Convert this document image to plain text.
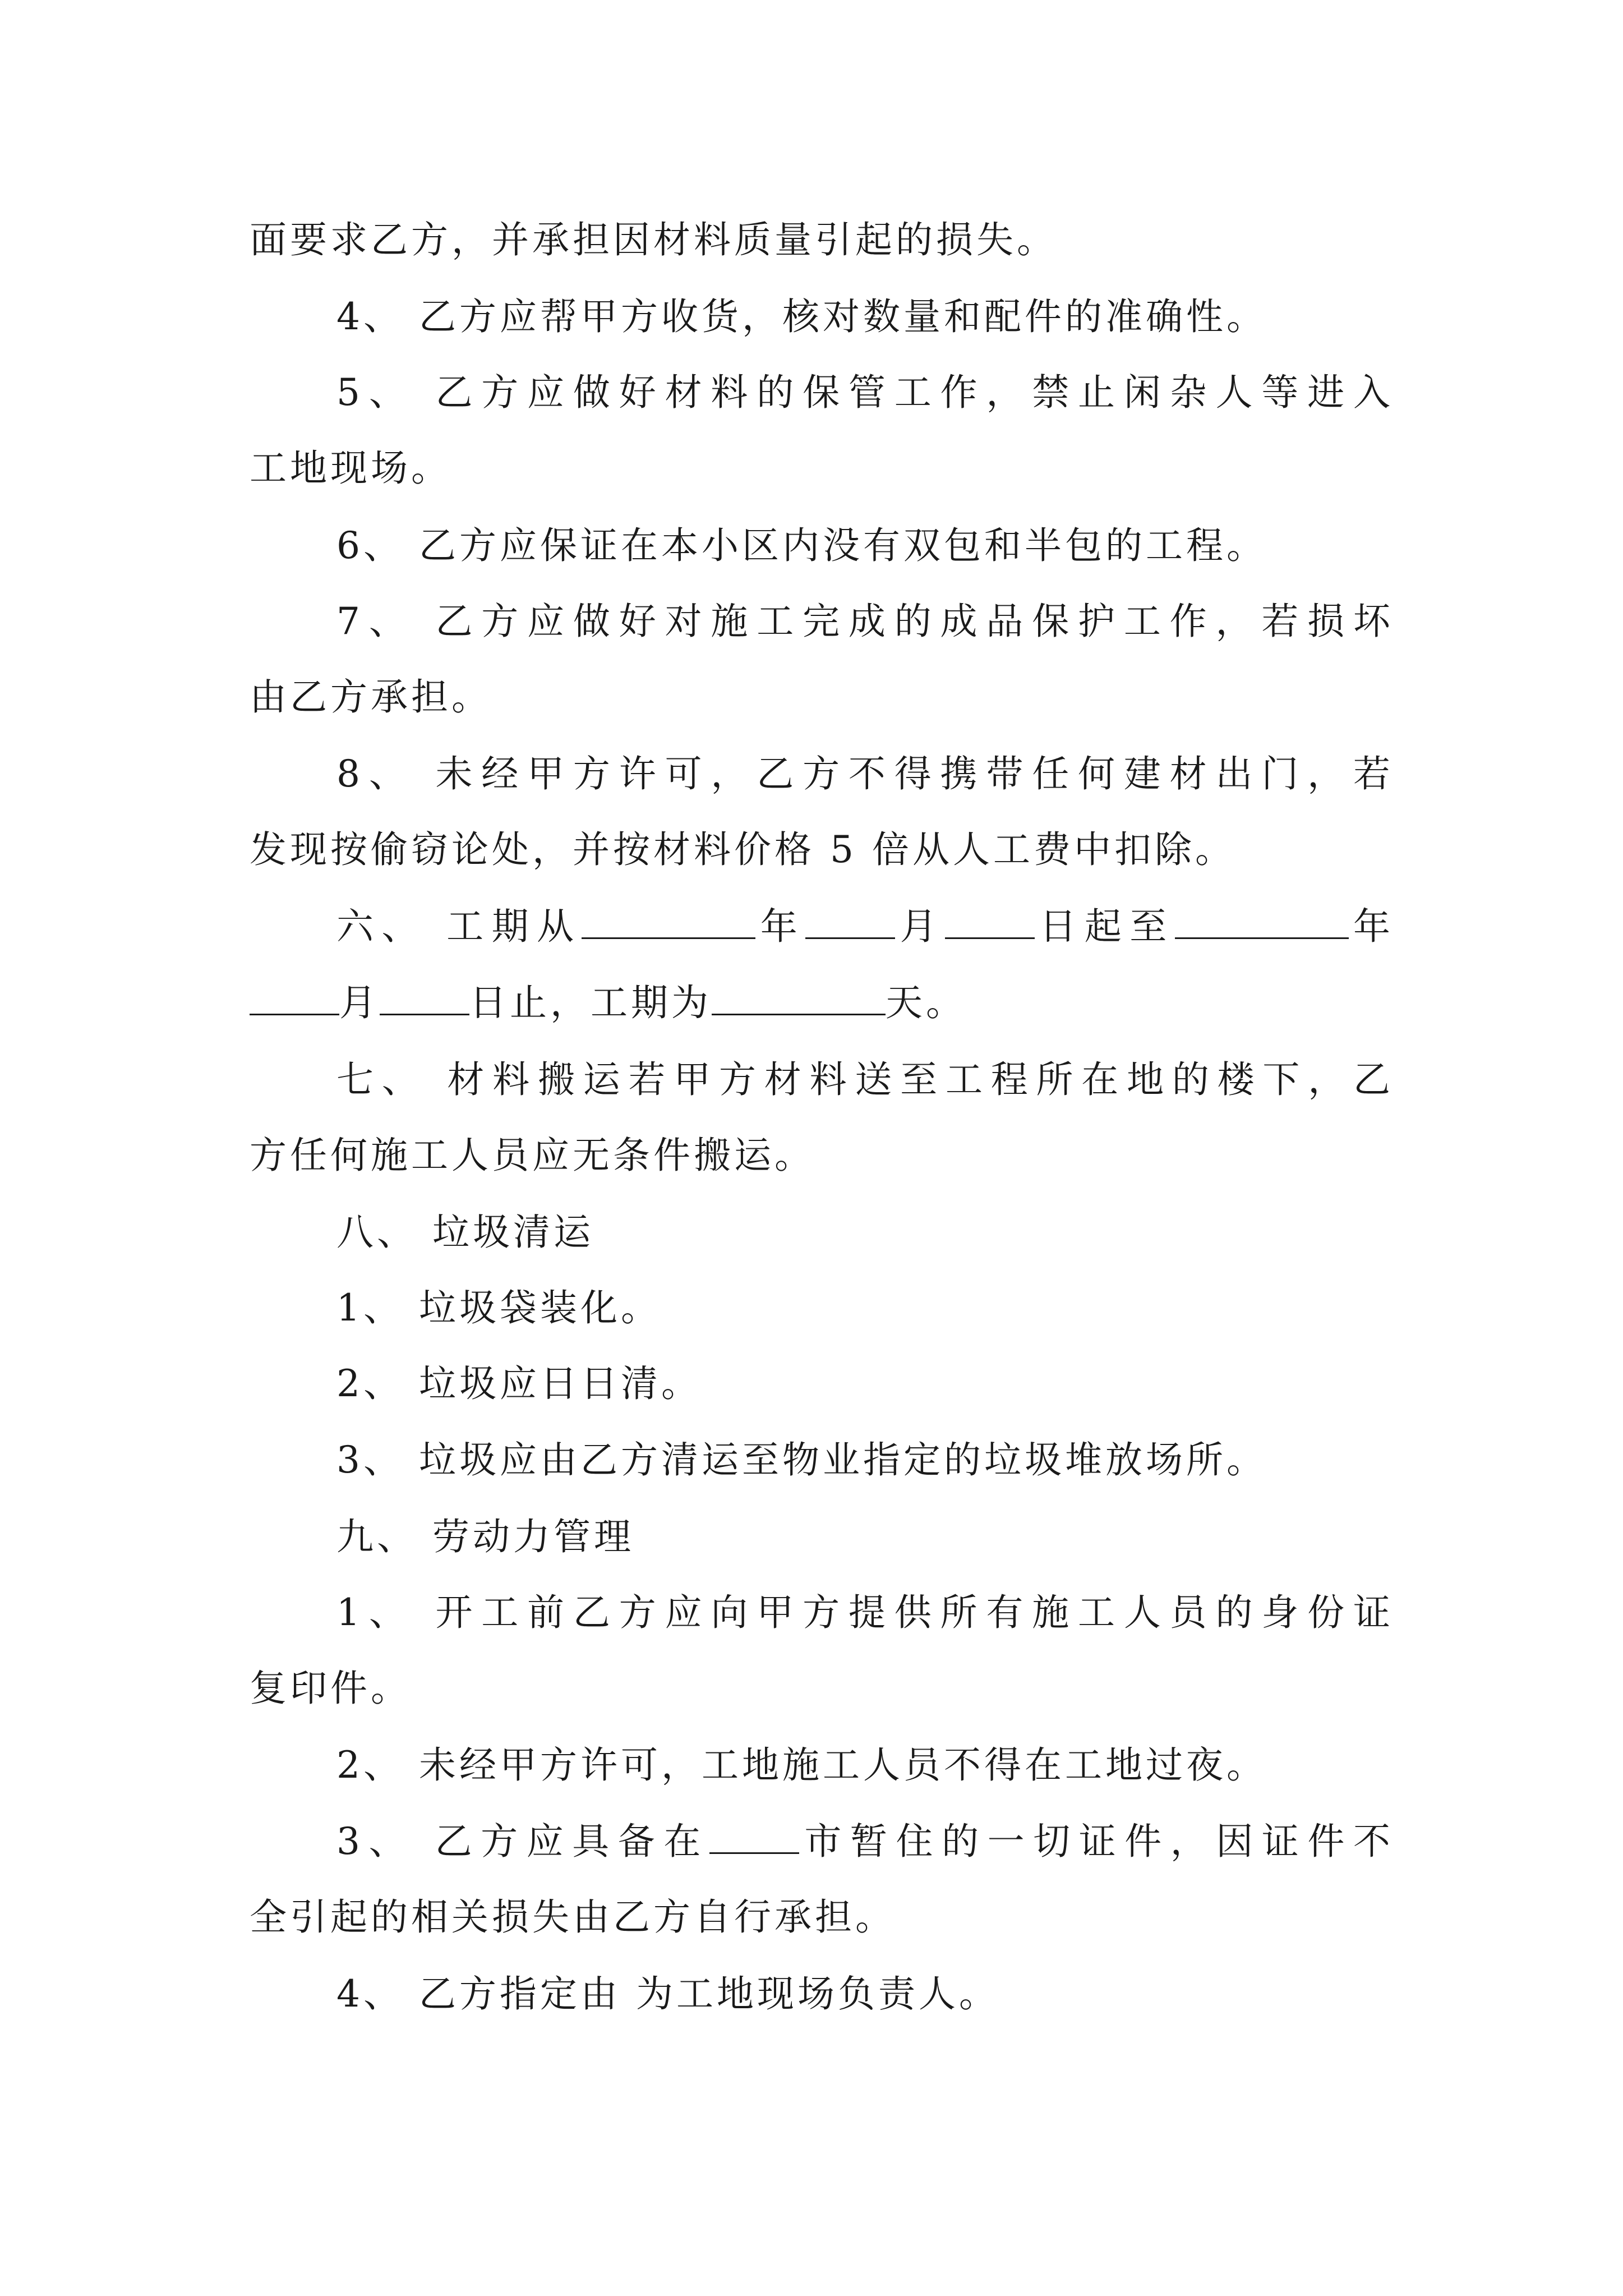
面要求乙方，并承担因材料质量引起的损失。
4、 乙方应帮甲方收货，核对数量和配件的准确性。
5、 乙方应做好材料的保管工作，禁止闲杂人等进入
工地现场。
6、 乙方应保证在本小区内没有双包和半包的工程。
7、 乙方应做好对施工完成的成品保护工作，若损坏
由乙方承担。
8、 未经甲方许可，乙方不得携带任何建材出门，若
发现按偷窃论处，并按材料价格 5 倍从人工费中扣除。
六、 工期从	年 月 日起至	年
月 日止，工期为	天。
七、 材料搬运若甲方材料送至工程所在地的楼下，乙
方任何施工人员应无条件搬运。
八、 垃圾清运
1、 垃圾袋装化。
2、 垃圾应日日清。
3、 垃圾应由乙方清运至物业指定的垃圾堆放场所。
九、 劳动力管理
1、 开工前乙方应向甲方提供所有施工人员的身份证
复印件。
2、 未经甲方许可，工地施工人员不得在工地过夜。
3、 乙方应具备在 市暂住的一切证件，因证件不
全引起的相关损失由乙方自行承担。
4、 乙方指定由 为工地现场负责人。
